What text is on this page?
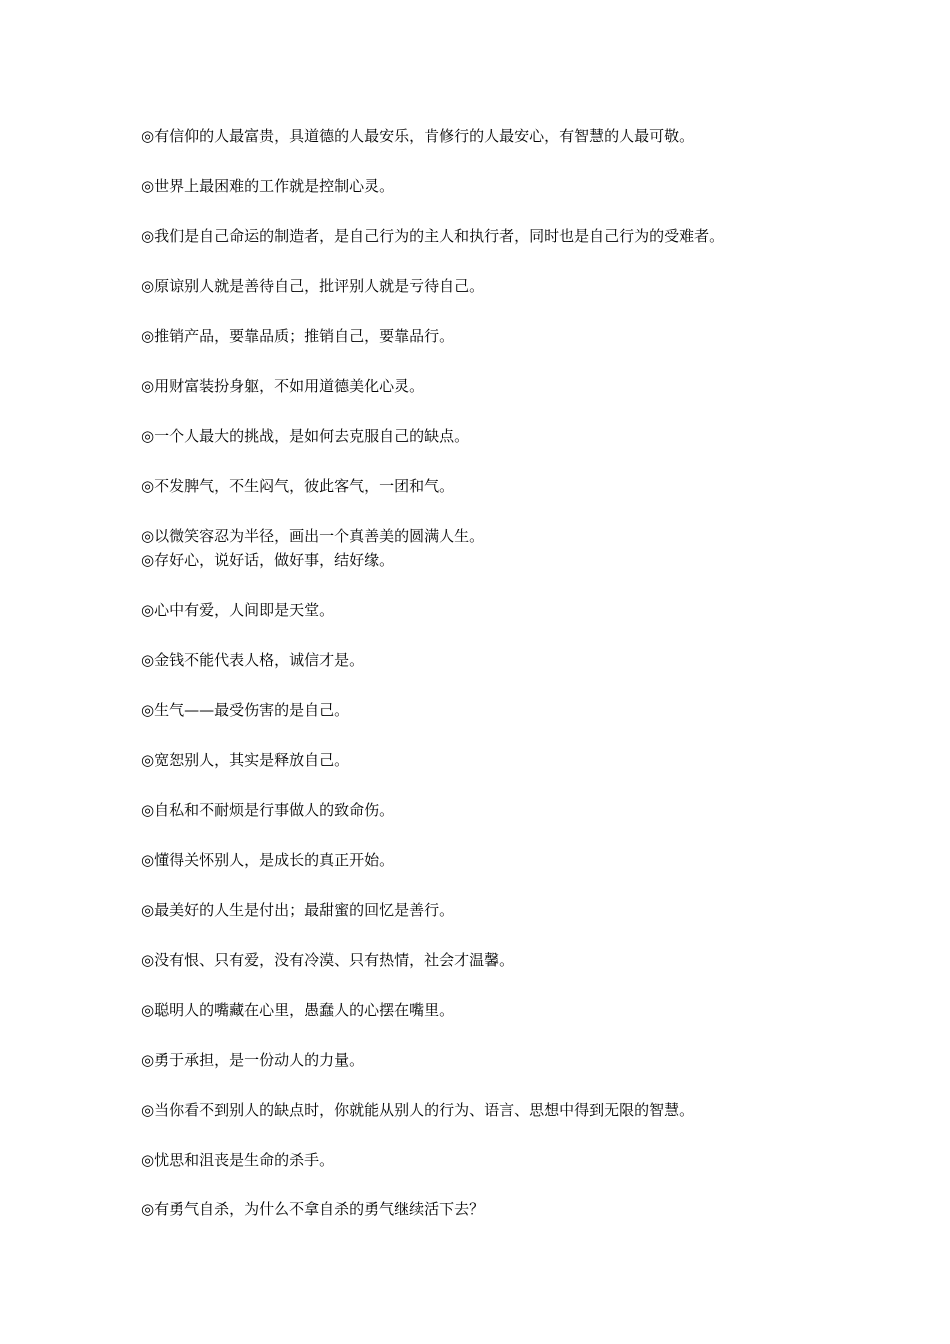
◎有信仰的人最富贵，具道德的人最安乐，肯修行的人最安心，有智慧的人最可敬。
◎世界上最困难的工作就是控制心灵。
◎我们是自己命运的制造者，是自己行为的主人和执行者，同时也是自己行为的受难者。
◎原谅别人就是善待自己，批评别人就是亏待自己。
◎推销产品，要靠品质；推销自己，要靠品行。
◎用财富装扮身躯，不如用道德美化心灵。
◎一个人最大的挑战，是如何去克服自己的缺点。
◎不发脾气，不生闷气，彼此客气，一团和气。
◎以微笑容忍为半径，画出一个真善美的圆满人生。
◎存好心，说好话，做好事，结好缘。
◎心中有爱，人间即是天堂。
◎金钱不能代表人格，诚信才是。
◎生气——最受伤害的是自己。
◎宽恕别人，其实是释放自己。
◎自私和不耐烦是行事做人的致命伤。
◎懂得关怀别人，是成长的真正开始。
◎最美好的人生是付出；最甜蜜的回忆是善行。
◎没有恨、只有爱，没有冷漠、只有热情，社会才温馨。
◎聪明人的嘴藏在心里，愚蠢人的心摆在嘴里。
◎勇于承担，是一份动人的力量。
◎当你看不到别人的缺点时，你就能从别人的行为、语言、思想中得到无限的智慧。
◎忧思和沮丧是生命的杀手。
◎有勇气自杀，为什么不拿自杀的勇气继续活下去？
